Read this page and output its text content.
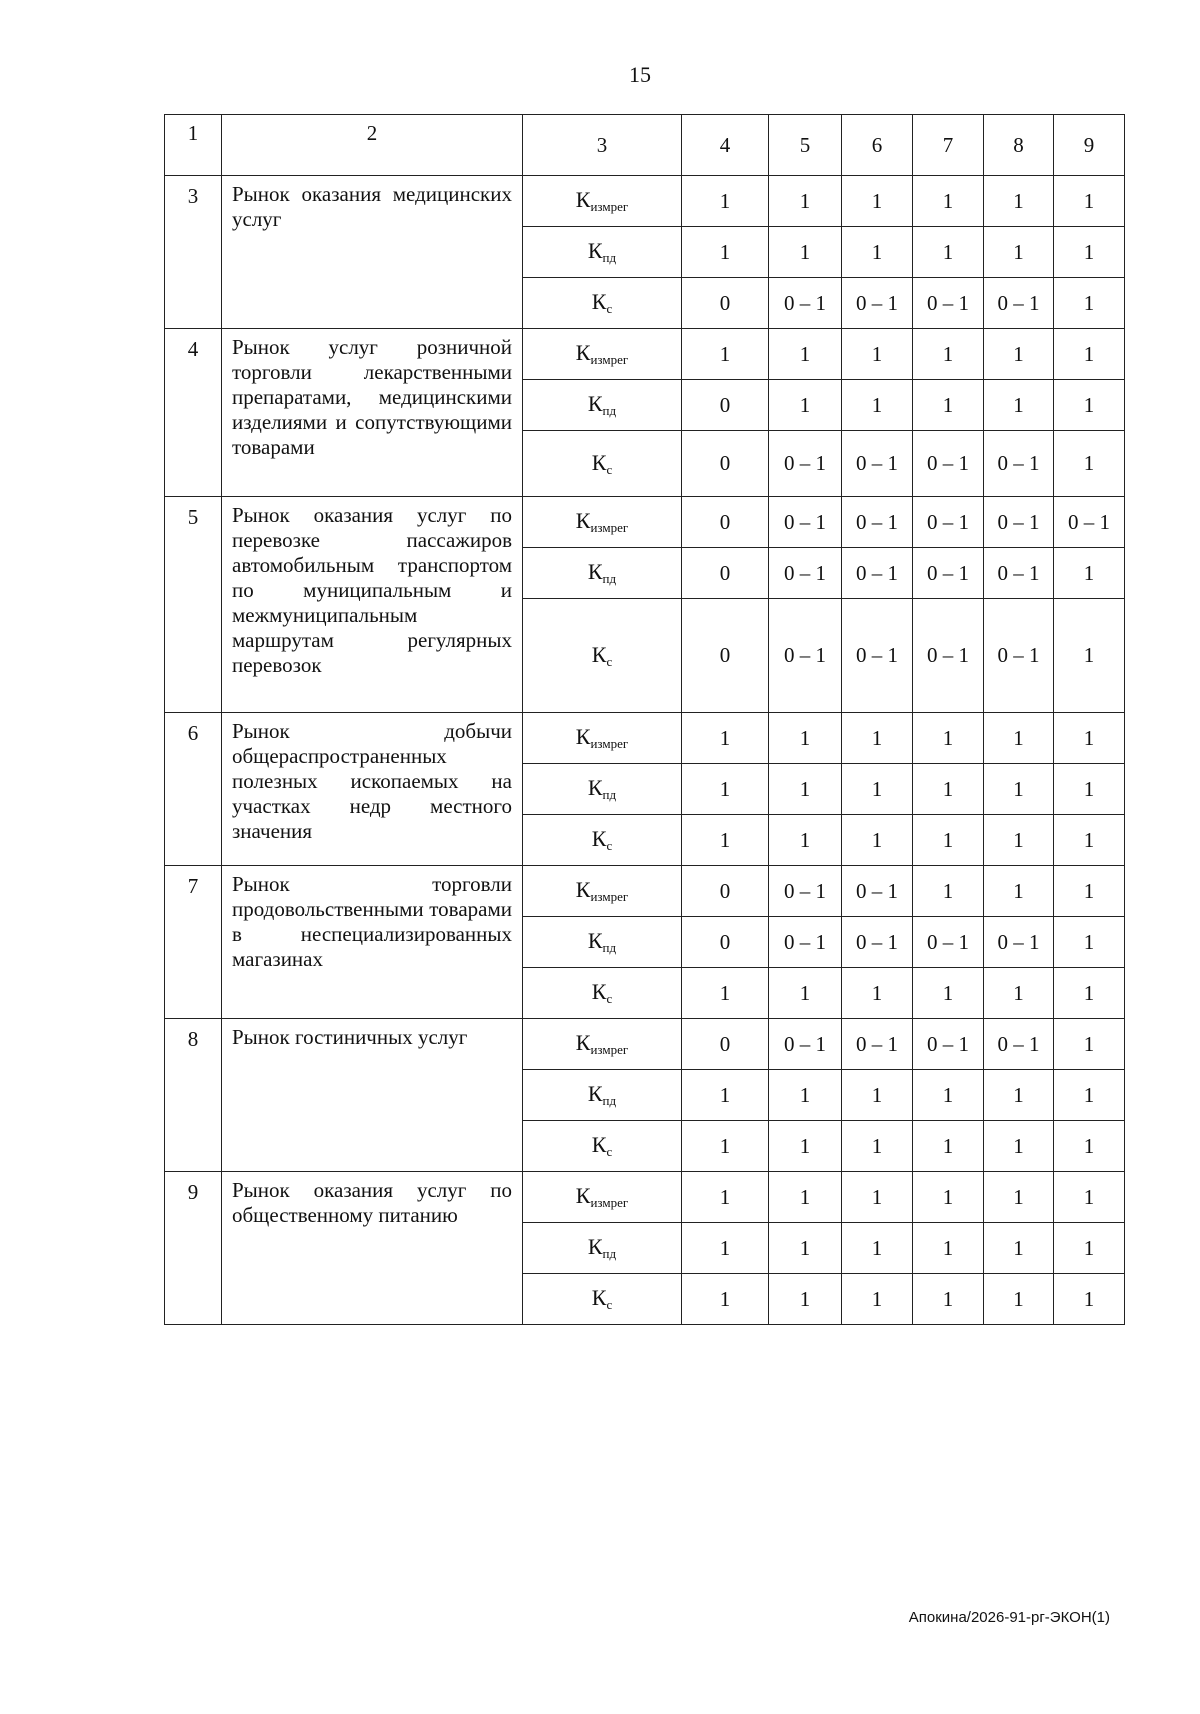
15
1	2	3	4	5	6	7	8	9
3	Рынок оказания медицинских услуг	$К_{измрег}$	1	1	1	1	1	1
		$К_{пд}$	1	1	1	1	1	1
		$К_с$	0	0 – 1	0 – 1	0 – 1	0 – 1	1
4	Рынок услуг розничной торговли лекарственными препаратами, медицинскими изделиями и сопутствующими товарами	$К_{измрег}$	1	1	1	1	1	1
		$К_{пд}$	0	1	1	1	1	1
		$К_с$	0	0 – 1	0 – 1	0 – 1	0 – 1	1
5	Рынок оказания услуг по перевозке пассажиров автомобильным транспортом по муниципальным и межмуниципальным маршрутам регулярных перевозок	$К_{измрег}$	0	0 – 1	0 – 1	0 – 1	0 – 1	0 – 1
		$К_{пд}$	0	0 – 1	0 – 1	0 – 1	0 – 1	1
		$К_с$	0	0 – 1	0 – 1	0 – 1	0 – 1	1
6	Рынок добычи общераспространенных полезных ископаемых на участках недр местного значения	$К_{измрег}$	1	1	1	1	1	1
		$К_{пд}$	1	1	1	1	1	1
		$К_с$	1	1	1	1	1	1
7	Рынок торговли продовольственными товарами в неспециализированных магазинах	$К_{измрег}$	0	0 – 1	0 – 1	1	1	1
		$К_{пд}$	0	0 – 1	0 – 1	0 – 1	0 – 1	1
		$К_с$	1	1	1	1	1	1
8	Рынок гостиничных услуг	$К_{измрег}$	0	0 – 1	0 – 1	0 – 1	0 – 1	1
		$К_{пд}$	1	1	1	1	1	1
		$К_с$	1	1	1	1	1	1
9	Рынок оказания услуг по общественному питанию	$К_{измрег}$	1	1	1	1	1	1
		$К_{пд}$	1	1	1	1	1	1
		$К_с$	1	1	1	1	1	1
Апокина/2026-91-рг-ЭКОН(1)
